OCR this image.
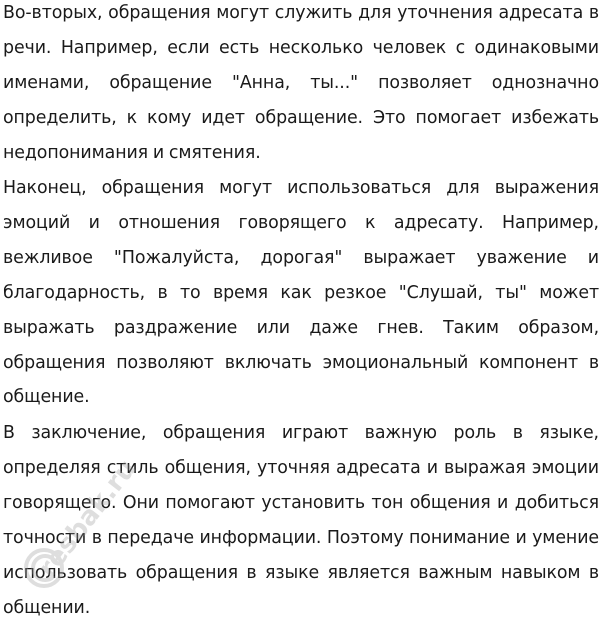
Во-вторых, обращения могут служить для уточнения адресата в речи. Например, если есть несколько человек с одинаковыми именами, обращение "Анна, ты..." позволяет однозначно определить, к кому идет обращение. Это помогает избежать недопонимания и смятения.

Наконец, обращения могут использоваться для выражения эмоций и отношения говорящего к адресату. Например, вежливое "Пожалуйста, дорогая" выражает уважение и благодарность, в то время как резкое "Слушай, ты" может выражать раздражение или даже гнев. Таким образом, обращения позволяют включать эмоциональный компонент в общение.

В заключение, обращения играют важную роль в языке, определяя стиль общения, уточняя адресата и выражая эмоции говорящего. Они помогают установить тон общения и добиться точности в передаче информации. Поэтому понимание и умение использовать обращения в языке является важным навыком в общении.

resbak.ru
